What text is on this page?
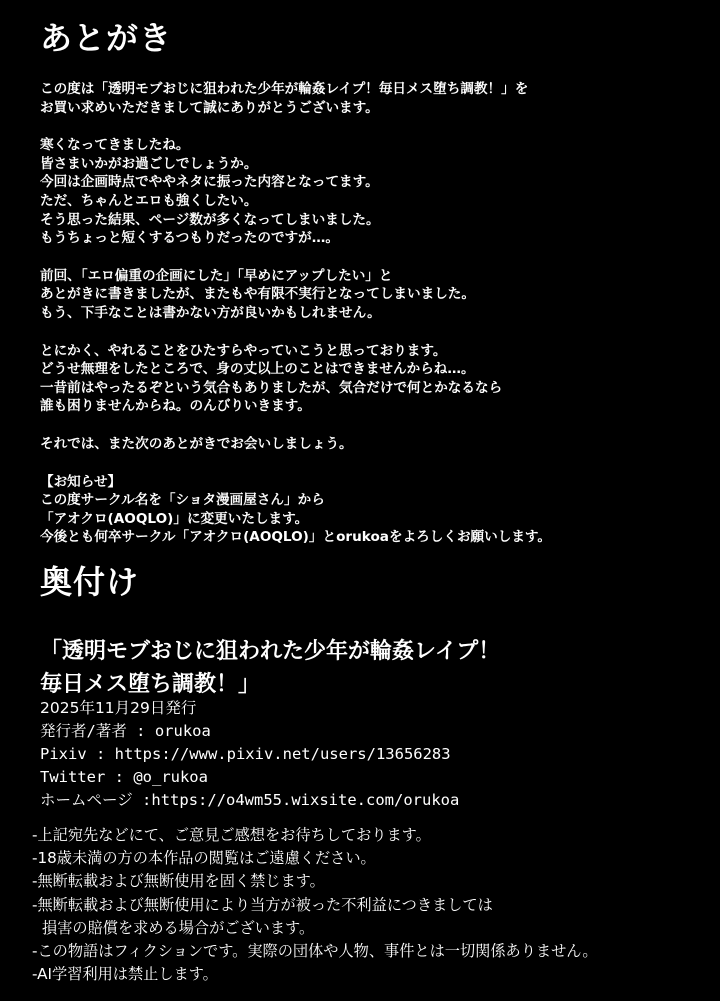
あとがき

この度は「透明モブおじに狙われた少年が輪姦レイプ！毎日メス堕ち調教！」を

お買い求めいただきまして誠にありがとうございます。

寒くなってきましたね。

皆さまいかがお過ごしでしょうか。

今回は企画時点でややネタに振った内容となってます。

ただ、ちゃんとエロも強くしたい。

そう思った結果、ページ数が多くなってしまいました。

もうちょっと短くするつもりだったのですが…。

前回、「エロ偏重の企画にした」「早めにアップしたい」と

あとがきに書きましたが、またもや有限不実行となってしまいました。

もう、下手なことは書かない方が良いかもしれません。

とにかく、やれることをひたすらやっていこうと思っております。

どうせ無理をしたところで、身の丈以上のことはできませんからね…。

一昔前はやったるぞという気合もありましたが、気合だけで何とかなるなら

誰も困りませんからね。のんびりいきます。

それでは、また次のあとがきでお会いしましょう。

【お知らせ】

この度サークル名を「ショタ漫画屋さん」から

「アオクロ(AOQLO)」に変更いたします。

今後とも何卒サークル「アオクロ(AOQLO)」とorukoaをよろしくお願いします。

奥付け
「透明モブおじに狙われた少年が輪姦レイプ！
毎日メス堕ち調教！」
2025年11月29日発行
発行者/著者 : orukoa
Pixiv : https://www.pixiv.net/users/13656283
Twitter : @o_rukoa
ホームページ :https://o4wm55.wixsite.com/orukoa
-上記宛先などにて、ご意見ご感想をお待ちしております。
-18歳未満の方の本作品の閲覧はご遠慮ください。
-無断転載および無断使用を固く禁じます。
-無断転載および無断使用により当方が被った不利益につきましては
損害の賠償を求める場合がございます。
-この物語はフィクションです。実際の団体や人物、事件とは一切関係ありません。
-AI学習利用は禁止します。
